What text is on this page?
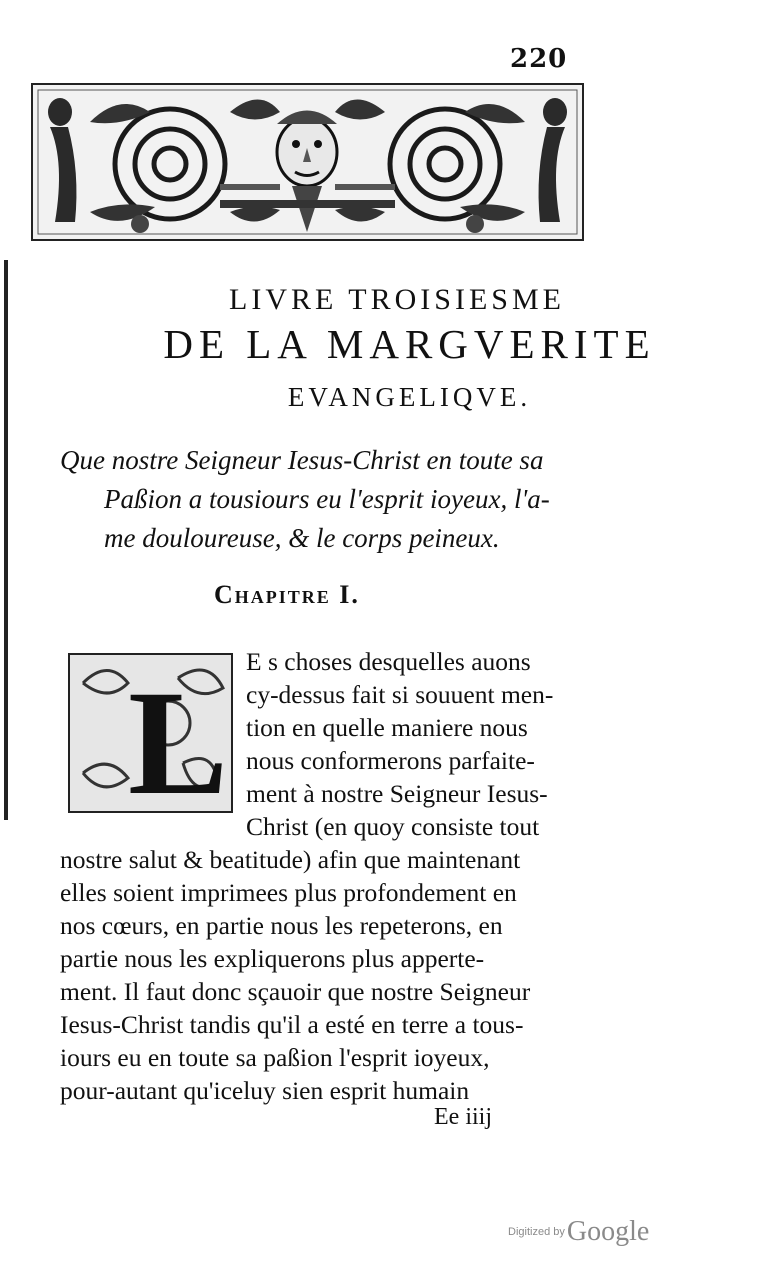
220
LIVRE TROISIESME
DE LA MARGVERITE
EVANGELIQVE.
Que nostre Seigneur Iesus-Christ en toute sa
Paßion a tousiours eu l'esprit ioyeux, l'a-
me douloureuse, & le corps peineux.
Chapitre I.
L E s choses desquelles auons
cy-dessus fait si souuent men-
tion en quelle maniere nous
nous conformerons parfaite-
ment à nostre Seigneur Iesus-
Christ (en quoy consiste tout
nostre salut & beatitude) afin que maintenant
elles soient imprimees plus profondement en
nos cœurs, en partie nous les repeterons, en
partie nous les expliquerons plus apperte-
ment. Il faut donc sçauoir que nostre Seigneur
Iesus-Christ tandis qu'il a esté en terre a tous-
iours eu en toute sa paßion l'esprit ioyeux,
pour-autant qu'iceluy sien esprit humain
Ee iiij
Digitized byGoogle
